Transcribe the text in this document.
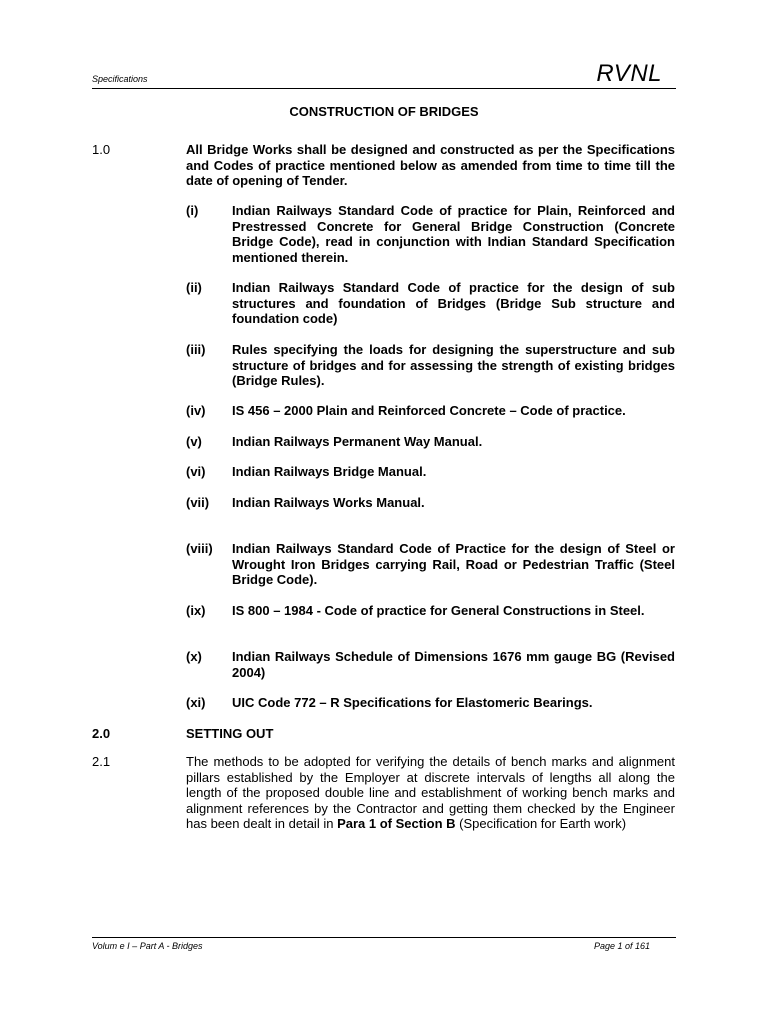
Specifications	RVNL
CONSTRUCTION OF BRIDGES
1.0	All Bridge Works shall be designed and constructed as per the Specifications and Codes of practice mentioned below as amended from time to time till the date of opening of Tender.
(i)	Indian Railways Standard Code of practice for Plain, Reinforced and Prestressed Concrete for General Bridge Construction (Concrete Bridge Code), read in conjunction with Indian Standard Specification mentioned therein.
(ii) Indian Railways Standard Code of practice for the design of sub structures and foundation of Bridges (Bridge Sub structure and foundation code)
(iii) Rules specifying the loads for designing the superstructure and sub structure of bridges and for assessing the strength of existing bridges (Bridge Rules).
(iv) IS 456 – 2000 Plain and Reinforced Concrete – Code of practice.
(v) Indian Railways Permanent Way Manual.
(vi) Indian Railways Bridge Manual.
(vii) Indian Railways Works Manual.
(viii) Indian Railways Standard Code of Practice for the design of Steel or Wrought Iron Bridges carrying Rail, Road or Pedestrian Traffic (Steel Bridge Code).
(ix) IS 800 – 1984 - Code of practice for General Constructions in Steel.
(x) Indian Railways Schedule of Dimensions 1676 mm gauge BG (Revised 2004)
(xi) UIC Code 772 – R Specifications for Elastomeric Bearings.
2.0	SETTING OUT
2.1	The methods to be adopted for verifying the details of bench marks and alignment pillars established by the Employer at discrete intervals of lengths all along the length of the proposed double line and establishment of working bench marks and alignment references by the Contractor and getting them checked by the Engineer has been dealt in detail in Para 1 of Section B (Specification for Earth work)
Volum e I – Part A - Bridges	Page 1 of 161
